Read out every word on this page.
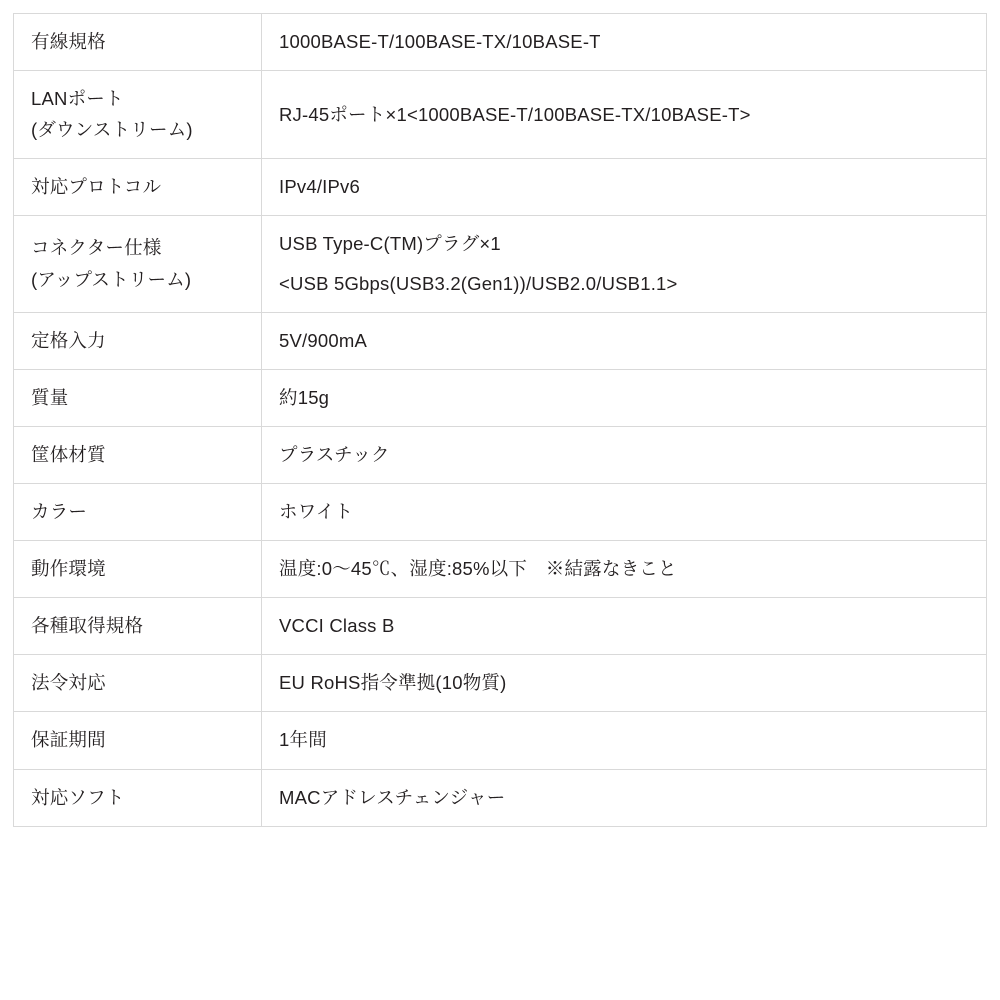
有線規格	1000BASE-T/100BASE-TX/10BASE-T

LANポート
(ダウンストリーム)	RJ-45ポート×1<1000BASE-T/100BASE-TX/10BASE-T>

対応プロトコル	IPv4/IPv6

コネクター仕様
(アップストリーム)	USB Type-C(TM)プラグ×1
<USB 5Gbps(USB3.2(Gen1))/USB2.0/USB1.1>

定格入力	5V/900mA

質量	約15g

筐体材質	プラスチック

カラー	ホワイト

動作環境	温度:0～45℃、湿度:85%以下　※結露なきこと

各種取得規格	VCCI Class B

法令対応	EU RoHS指令準拠(10物質)

保証期間	1年間

対応ソフト	MACアドレスチェンジャー
